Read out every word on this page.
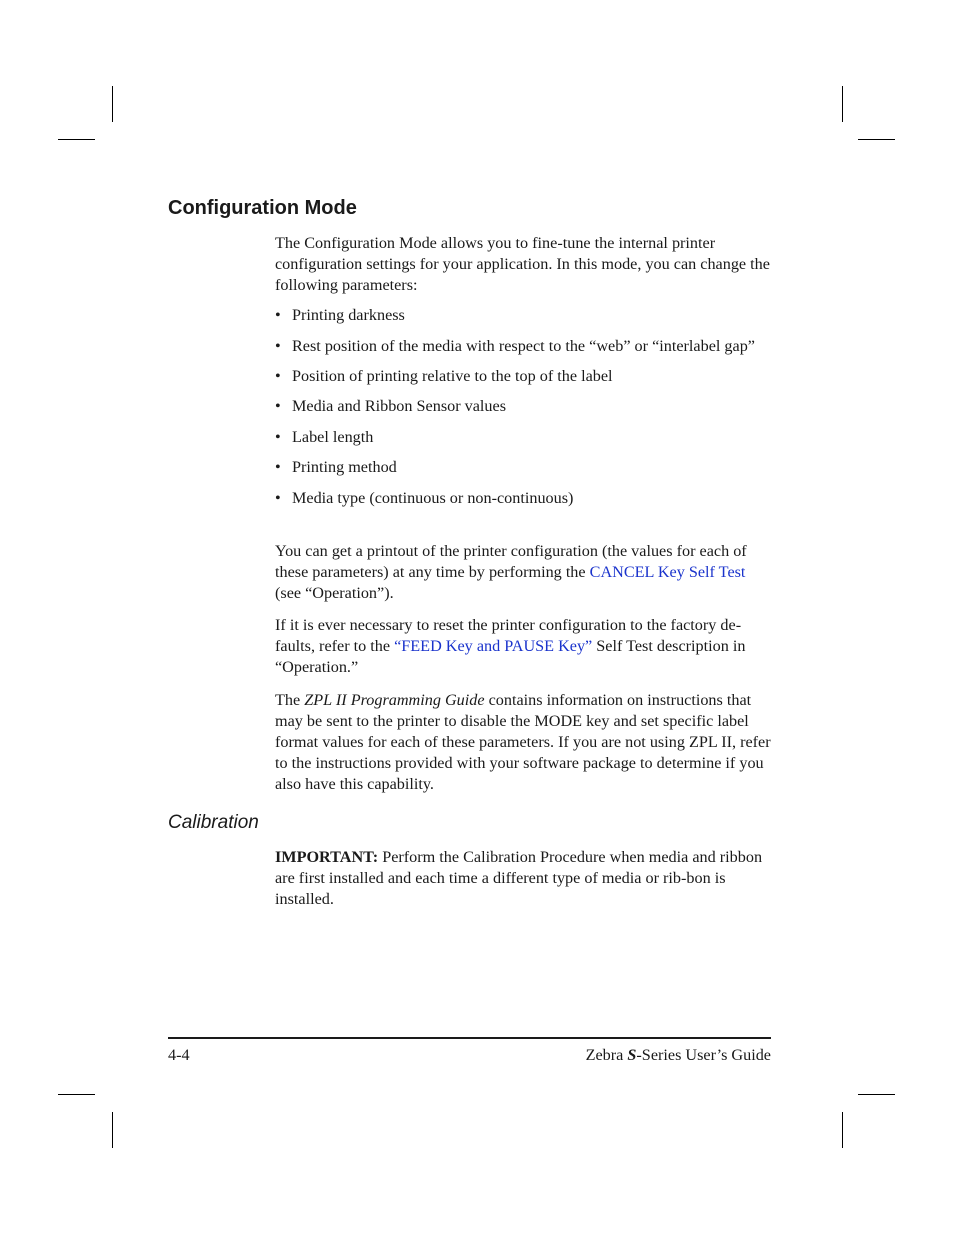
Configuration Mode

The Configuration Mode allows you to fine-tune the internal printer configuration settings for your application. In this mode, you can change the following parameters:

• Printing darkness
• Rest position of the media with respect to the “web” or “interlabel gap”
• Position of printing relative to the top of the label
• Media and Ribbon Sensor values
• Label length
• Printing method
• Media type (continuous or non-continuous)

You can get a printout of the printer configuration (the values for each of these parameters) at any time by performing the CANCEL Key Self Test (see “Operation”).

If it is ever necessary to reset the printer configuration to the factory de-faults, refer to the “FEED Key and PAUSE Key” Self Test description in “Operation.”

The ZPL II Programming Guide contains information on instructions that may be sent to the printer to disable the MODE key and set specific label format values for each of these parameters. If you are not using ZPL II, refer to the instructions provided with your software package to determine if you also have this capability.

Calibration

IMPORTANT: Perform the Calibration Procedure when media and ribbon are first installed and each time a different type of media or rib-bon is installed.

4-4	Zebra S-Series User’s Guide
